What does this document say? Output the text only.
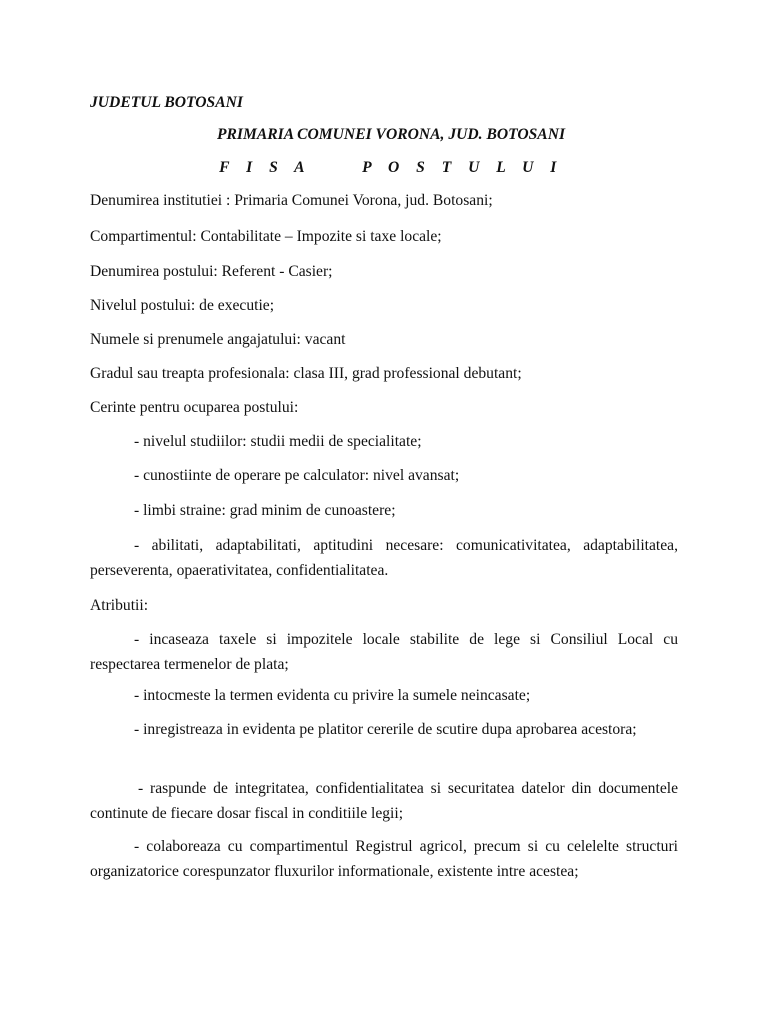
JUDETUL BOTOSANI
PRIMARIA COMUNEI VORONA, JUD. BOTOSANI
F I S A     P O S T U L U I
Denumirea institutiei : Primaria Comunei Vorona, jud. Botosani;
Compartimentul: Contabilitate – Impozite si taxe locale;
Denumirea postului: Referent - Casier;
Nivelul postului: de executie;
Numele si prenumele angajatului: vacant
Gradul sau treapta profesionala: clasa III, grad professional debutant;
Cerinte pentru ocuparea postului:
- nivelul studiilor: studii medii de specialitate;
- cunostiinte de operare pe calculator: nivel avansat;
- limbi straine: grad minim de cunoastere;
- abilitati, adaptabilitati, aptitudini necesare: comunicativitatea, adaptabilitatea, perseverenta, opaerativitatea, confidentialitatea.
Atributii:
- incaseaza taxele si impozitele locale stabilite de lege si Consiliul Local cu respectarea termenelor de plata;
- intocmeste la termen evidenta cu privire la sumele neincasate;
- inregistreaza in evidenta pe platitor cererile de scutire dupa aprobarea acestora;
- raspunde de integritatea, confidentialitatea si securitatea datelor din documentele continute de fiecare dosar fiscal in conditiile legii;
- colaboreaza cu compartimentul Registrul agricol, precum si cu celelelte structuri organizatorice corespunzator fluxurilor informationale, existente intre acestea;
